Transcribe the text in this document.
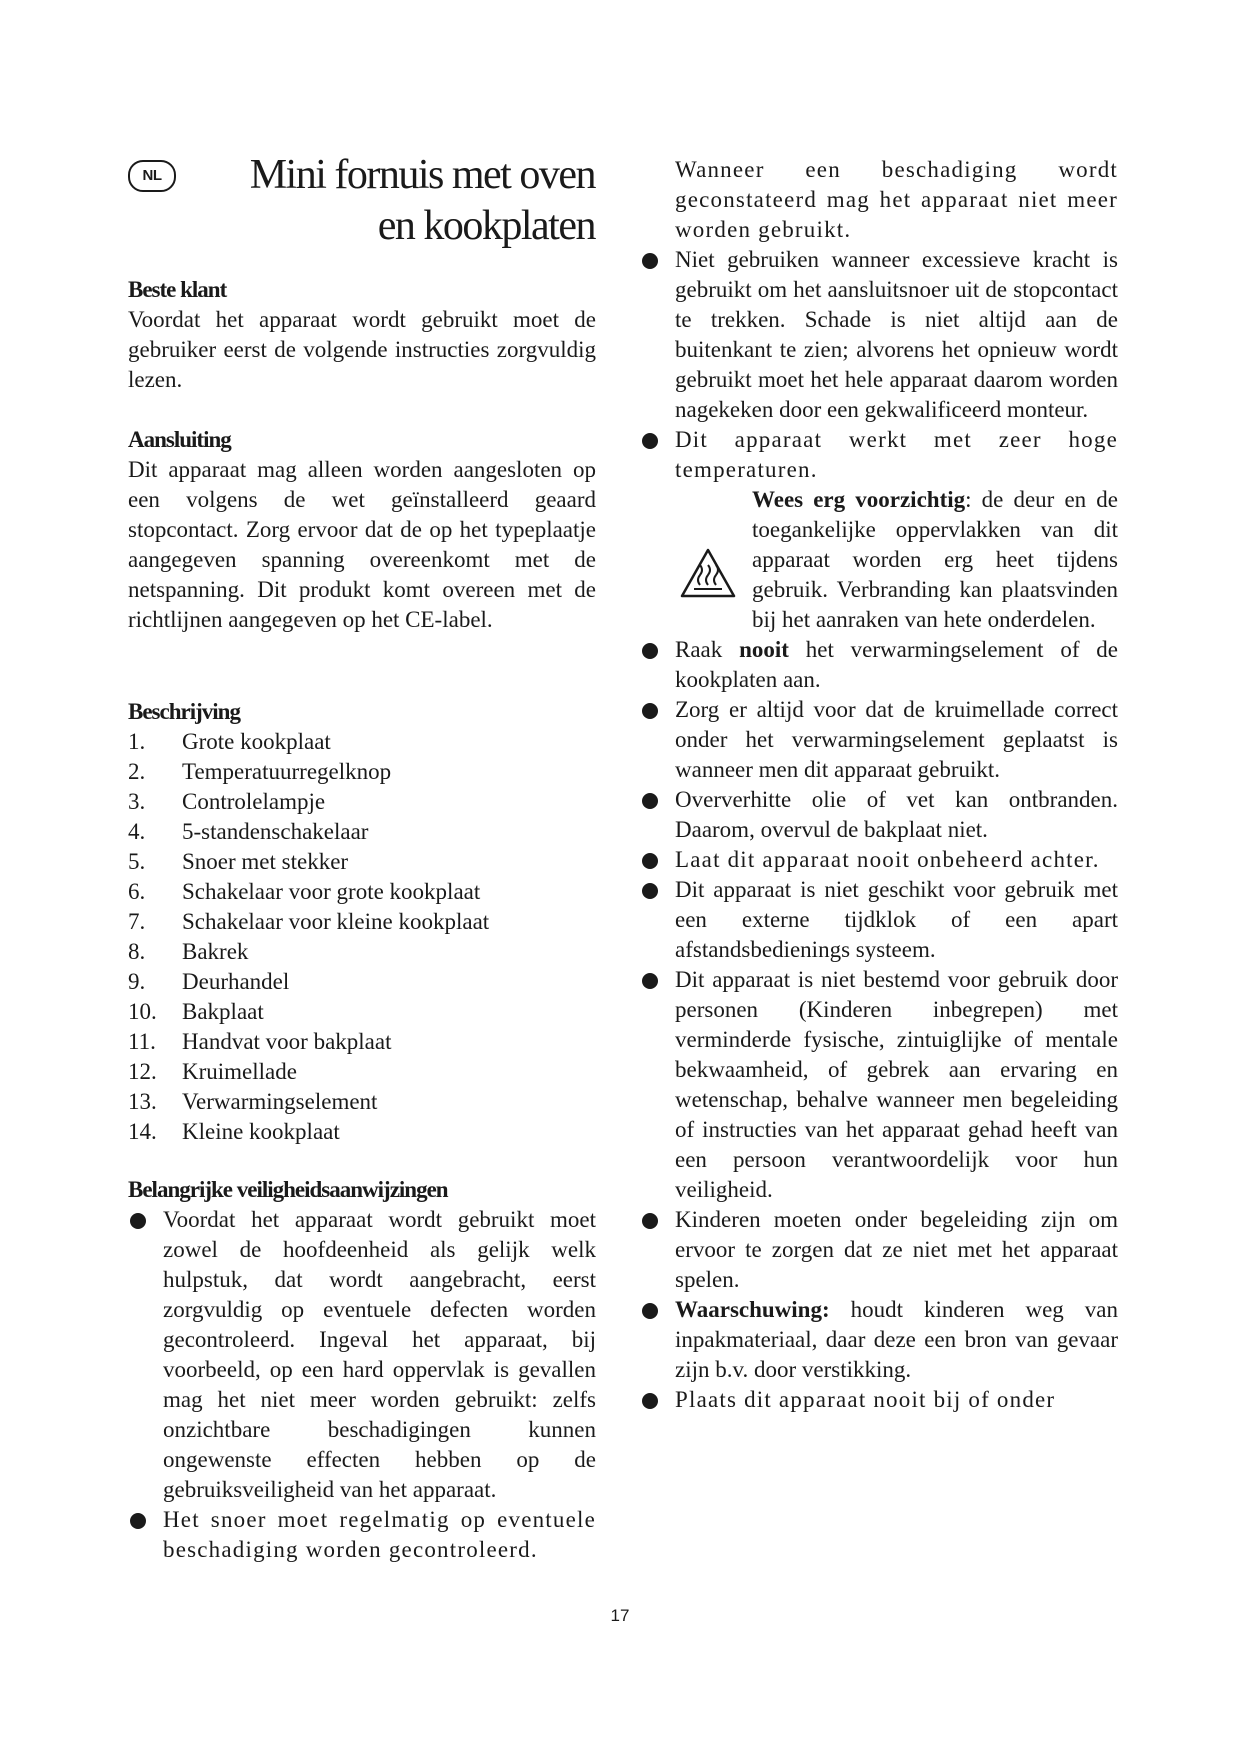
NL	Mini fornuis met oven
en kookplaten
Beste klant
Voordat het apparaat wordt gebruikt moet de gebruiker eerst de volgende instructies zorgvuldig lezen.
Aansluiting
Dit apparaat mag alleen worden aangesloten op een volgens de wet geïnstalleerd geaard stopcontact. Zorg ervoor dat de op het typeplaatje aangegeven spanning overeenkomt met de netspanning. Dit produkt komt overeen met de richtlijnen aangegeven op het CE-label.
Beschrijving
1.	Grote kookplaat
2.	Temperatuurregelknop
3.	Controlelampje
4.	5-standenschakelaar
5.	Snoer met stekker
6.	Schakelaar voor grote kookplaat
7.	Schakelaar voor kleine kookplaat
8.	Bakrek
9.	Deurhandel
10.	Bakplaat
11.	Handvat voor bakplaat
12.	Kruimellade
13.	Verwarmingselement
14.	Kleine kookplaat
Belangrijke veiligheidsaanwijzingen
Voordat het apparaat wordt gebruikt moet zowel de hoofdeenheid als gelijk welk hulpstuk, dat wordt aangebracht, eerst zorgvuldig op eventuele defecten worden gecontroleerd. Ingeval het apparaat, bij voorbeeld, op een hard oppervlak is gevallen mag het niet meer worden gebruikt: zelfs onzichtbare beschadigingen kunnen ongewenste effecten hebben op de gebruiksveiligheid van het apparaat.
Het snoer moet regelmatig op eventuele beschadiging worden gecontroleerd.
Wanneer een beschadiging wordt geconstateerd mag het apparaat niet meer worden gebruikt.
Niet gebruiken wanneer excessieve kracht is gebruikt om het aansluitsnoer uit de stopcontact te trekken. Schade is niet altijd aan de buitenkant te zien; alvorens het opnieuw wordt gebruikt moet het hele apparaat daarom worden nagekeken door een gekwalificeerd monteur.
Dit apparaat werkt met zeer hoge temperaturen.
Wees erg voorzichtig: de deur en de toegankelijke oppervlakken van dit apparaat worden erg heet tijdens gebruik. Verbranding kan plaatsvinden bij het aanraken van hete onderdelen.
Raak nooit het verwarmingselement of de kookplaten aan.
Zorg er altijd voor dat de kruimellade correct onder het verwarmingselement geplaatst is wanneer men dit apparaat gebruikt.
Oververhitte olie of vet kan ontbranden. Daarom, overvul de bakplaat niet.
Laat dit apparaat nooit onbeheerd achter.
Dit apparaat is niet geschikt voor gebruik met een externe tijdklok of een apart afstandsbedienings systeem.
Dit apparaat is niet bestemd voor gebruik door personen (Kinderen inbegrepen) met verminderde fysische, zintuiglijke of mentale bekwaamheid, of gebrek aan ervaring en wetenschap, behalve wanneer men begeleiding of instructies van het apparaat gehad heeft van een persoon verantwoordelijk voor hun veiligheid.
Kinderen moeten onder begeleiding zijn om ervoor te zorgen dat ze niet met het apparaat spelen.
Waarschuwing: houdt kinderen weg van inpakmateriaal, daar deze een bron van gevaar zijn b.v. door verstikking.
Plaats dit apparaat nooit bij of onder
17
